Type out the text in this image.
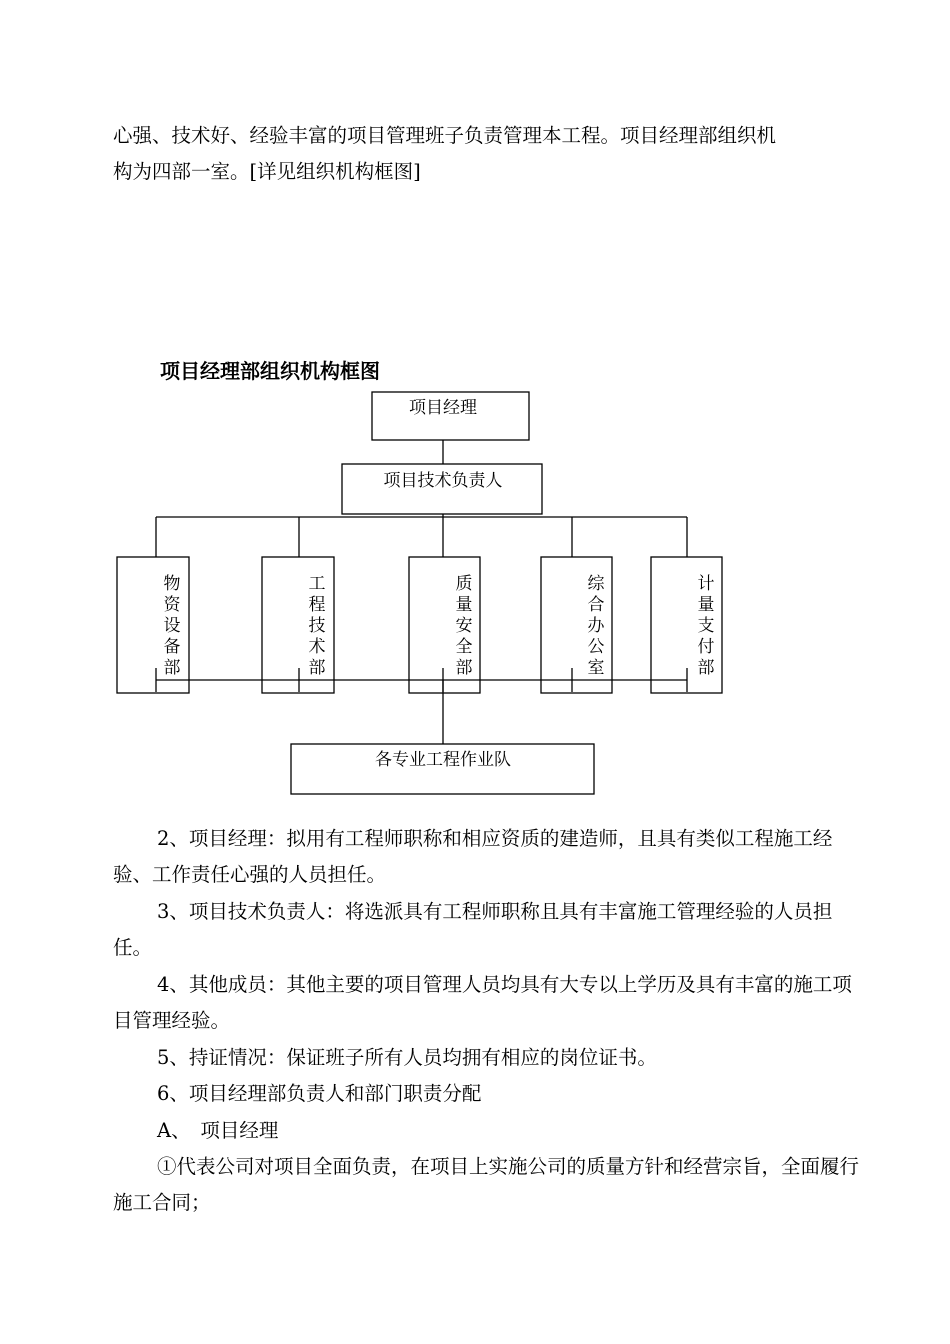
心强、技术好、经验丰富的项目管理班子负责管理本工程。项目经理部组织机
构为四部一室。[详见组织机构框图]

项目经理部组织机构框图
项目经理
项目技术负责人
物
资
设
备
部
工
程
技
术
部
质
量
安
全
部
综
合
办
公
室
计
量
支
付
部
各专业工程作业队

2、项目经理：拟用有工程师职称和相应资质的建造师，且具有类似工程施工经验、工作责任心强的人员担任。

3、项目技术负责人：将选派具有工程师职称且具有丰富施工管理经验的人员担任。

4、其他成员：其他主要的项目管理人员均具有大专以上学历及具有丰富的施工项目管理经验。

5、持证情况：保证班子所有人员均拥有相应的岗位证书。

6、项目经理部负责人和部门职责分配

A、　项目经理

①代表公司对项目全面负责，在项目上实施公司的质量方针和经营宗旨，全面履行施工合同；
